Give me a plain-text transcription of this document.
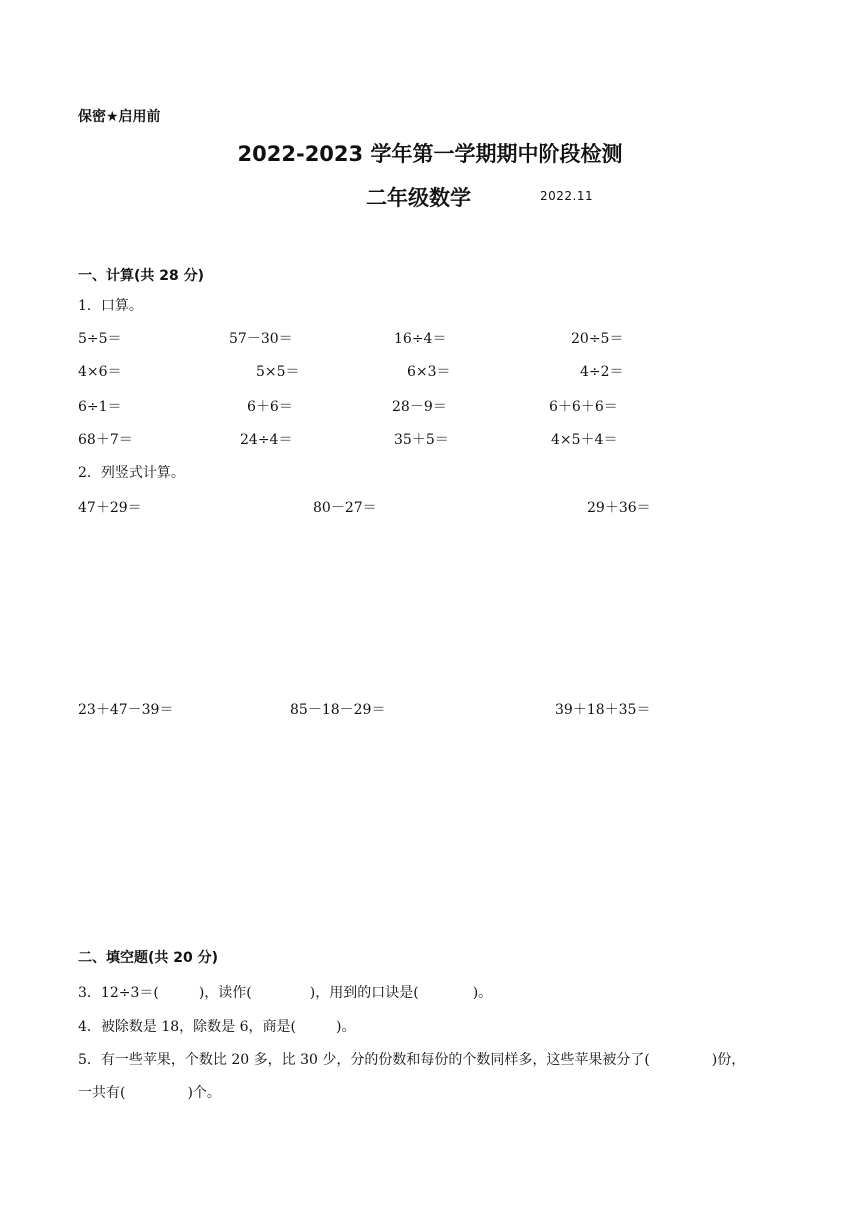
保密★启用前
2022-2023 学年第一学期期中阶段检测
二年级数学	2022.11
一、计算(共 28 分)
1．口算。
5÷5＝	57－30＝	16÷4＝	20÷5＝
4×6＝	5×5＝	6×3＝	4÷2＝
6÷1＝	6＋6＝	28－9＝	6＋6＋6＝
68＋7＝	24÷4＝	35＋5＝	4×5＋4＝
2．列竖式计算。
47＋29＝	80－27＝	29＋36＝
23＋47－39＝	85－18－29＝	39＋18＋35＝
二、填空题(共 20 分)
3．12÷3＝(	)，读作(	)，用到的口诀是(	)。
4．被除数是 18，除数是 6，商是(	)。
5．有一些苹果，个数比 20 多，比 30 少，分的份数和每份的个数同样多，这些苹果被分了(	)份，
一共有(	)个。
